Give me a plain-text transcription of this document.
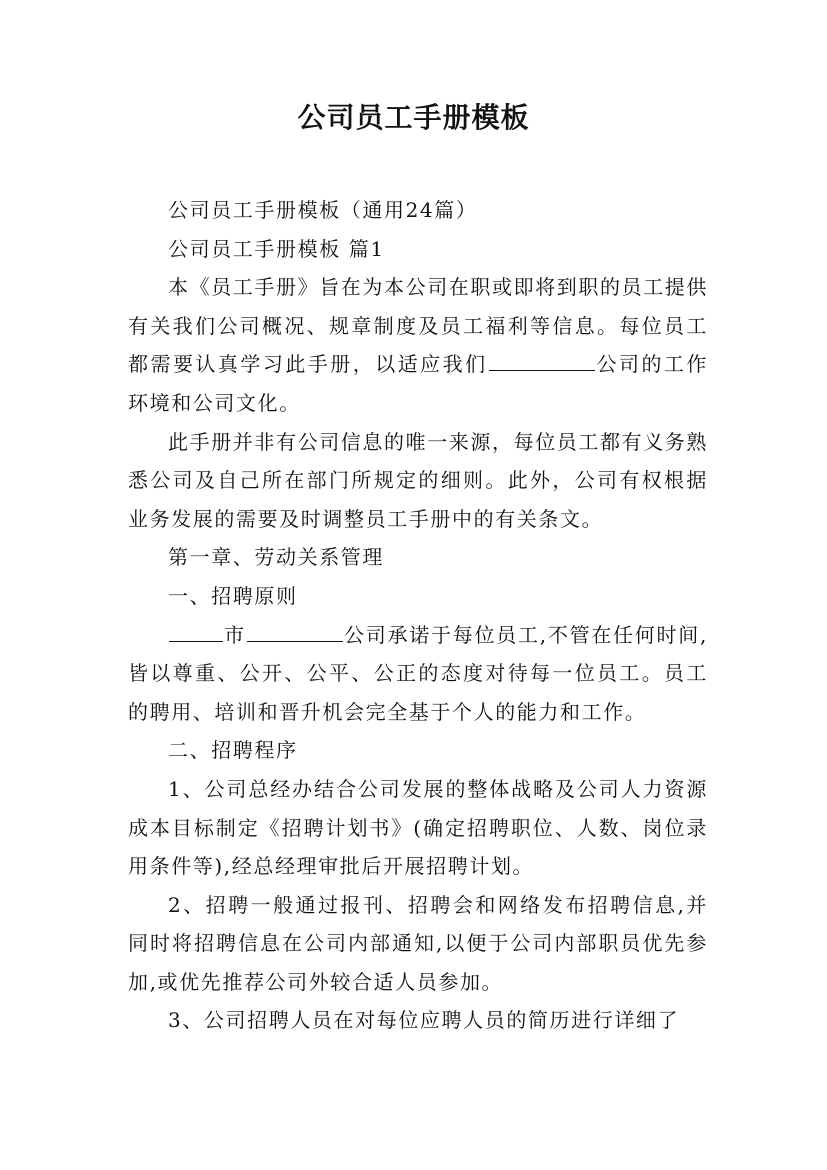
公司员工手册模板

公司员工手册模板（通用24篇）

公司员工手册模板 篇1

本《员工手册》旨在为本公司在职或即将到职的员工提供有关我们公司概况、规章制度及员工福利等信息。每位员工都需要认真学习此手册，以适应我们	公司的工作环境和公司文化。

此手册并非有公司信息的唯一来源，每位员工都有义务熟悉公司及自己所在部门所规定的细则。此外，公司有权根据业务发展的需要及时调整员工手册中的有关条文。

第一章、劳动关系管理

一、招聘原则

市	公司承诺于每位员工,不管在任何时间,皆以尊重、公开、公平、公正的态度对待每一位员工。员工的聘用、培训和晋升机会完全基于个人的能力和工作。

二、招聘程序

1、公司总经办结合公司发展的整体战略及公司人力资源成本目标制定《招聘计划书》(确定招聘职位、人数、岗位录用条件等),经总经理审批后开展招聘计划。

2、招聘一般通过报刊、招聘会和网络发布招聘信息,并同时将招聘信息在公司内部通知,以便于公司内部职员优先参加,或优先推荐公司外较合适人员参加。

3、公司招聘人员在对每位应聘人员的简历进行详细了
